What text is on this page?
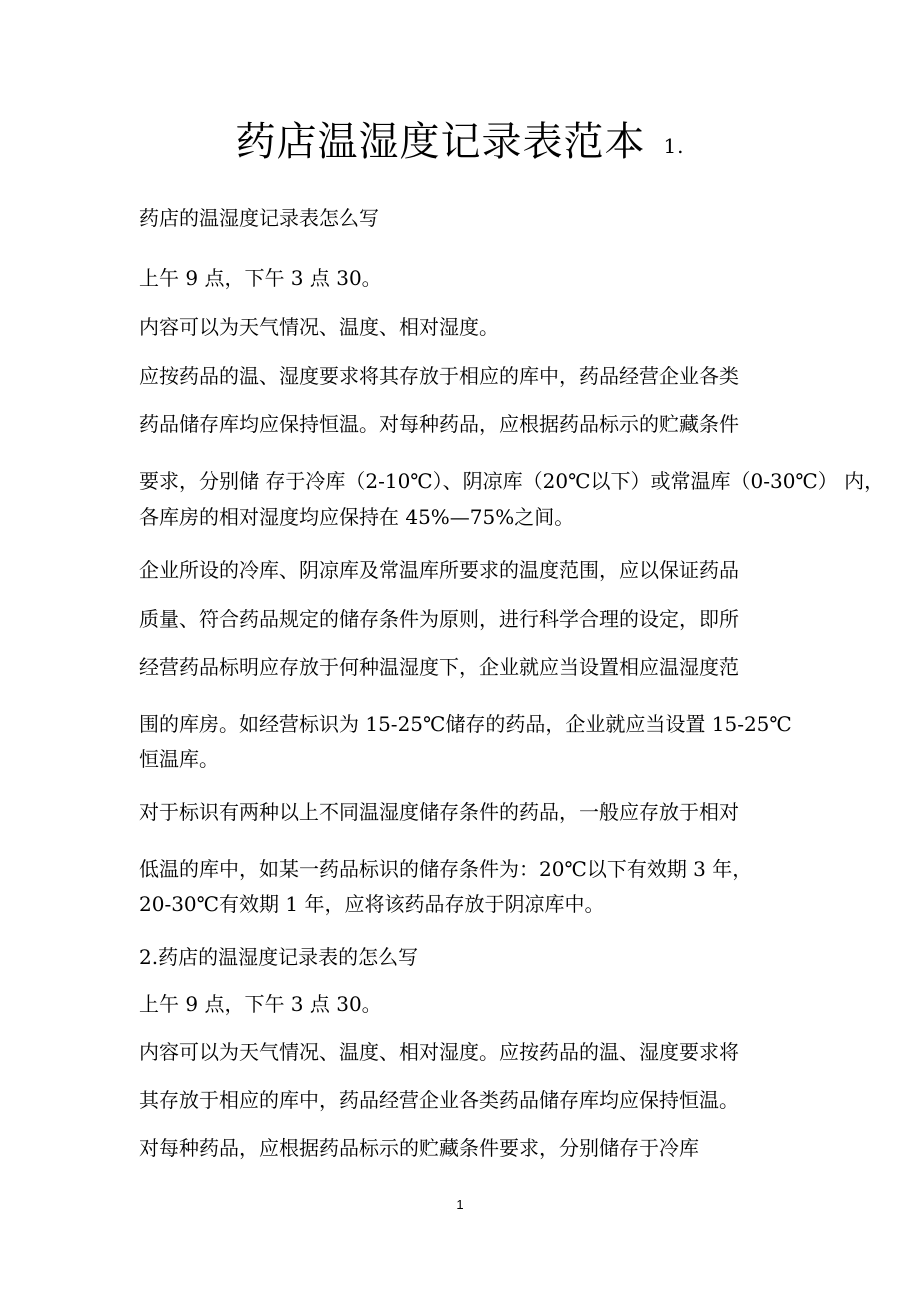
药店温湿度记录表范本 1.
药店的温湿度记录表怎么写
上午 9 点，下午 3 点 30。
内容可以为天气情况、温度、相对湿度。
应按药品的温、湿度要求将其存放于相应的库中，药品经营企业各类
药品储存库均应保持恒温。对每种药品，应根据药品标示的贮藏条件
要求，分别储 存于冷库（2-10℃）、阴凉库（20℃以下）或常温库（0-30℃） 内，
各库房的相对湿度均应保持在 45%—75%之间。
企业所设的冷库、阴凉库及常温库所要求的温度范围，应以保证药品
质量、符合药品规定的储存条件为原则，进行科学合理的设定，即所
经营药品标明应存放于何种温湿度下，企业就应当设置相应温湿度范
围的库房。如经营标识为 15-25℃储存的药品，企业就应当设置 15-25℃
恒温库。
对于标识有两种以上不同温湿度储存条件的药品，一般应存放于相对
低温的库中，如某一药品标识的储存条件为：20℃以下有效期 3 年，
20-30℃有效期 1 年，应将该药品存放于阴凉库中。
2.药店的温湿度记录表的怎么写
上午 9 点，下午 3 点 30。
内容可以为天气情况、温度、相对湿度。应按药品的温、湿度要求将
其存放于相应的库中，药品经营企业各类药品储存库均应保持恒温。
对每种药品，应根据药品标示的贮藏条件要求，分别储存于冷库
1
